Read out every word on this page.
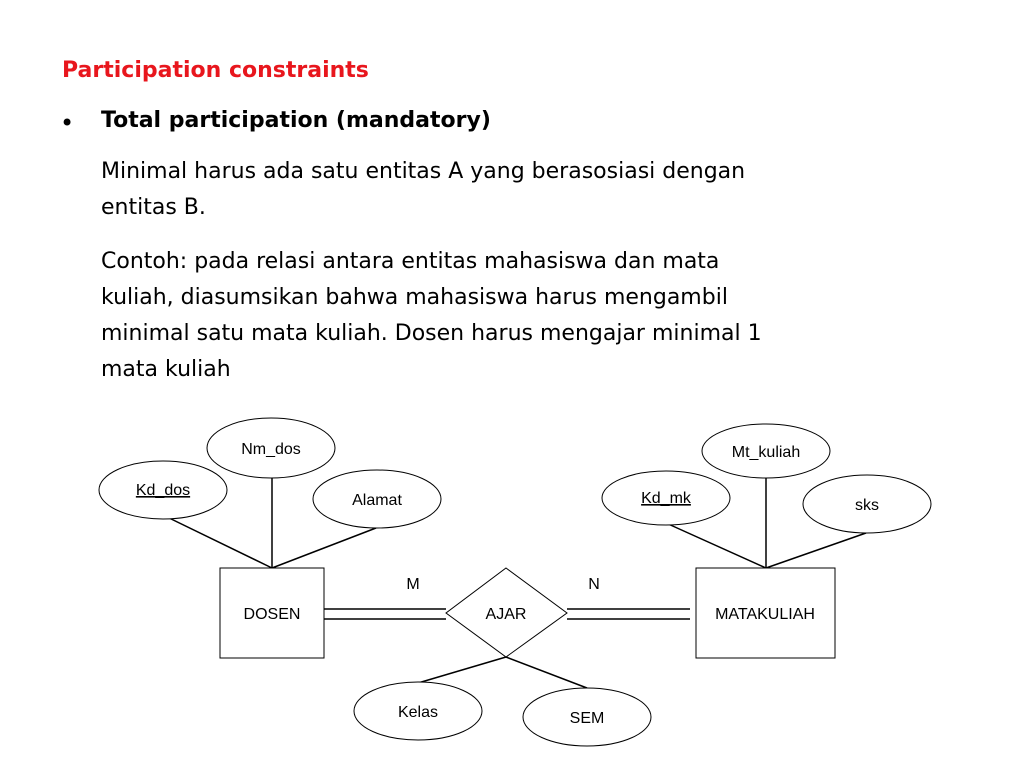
Participation constraints
• Total participation (mandatory)
Minimal harus ada satu entitas A yang berasosiasi dengan
entitas B.
Contoh: pada relasi antara entitas mahasiswa dan mata
kuliah, diasumsikan bahwa mahasiswa harus mengambil
minimal satu mata kuliah. Dosen harus mengajar minimal 1
mata kuliah
DOSEN	MATAKULIAH
AJAR
M	N
Nm_dos
Kd_dos
Alamat
Mt_kuliah
Kd_mk	sks
Kelas	SEM
